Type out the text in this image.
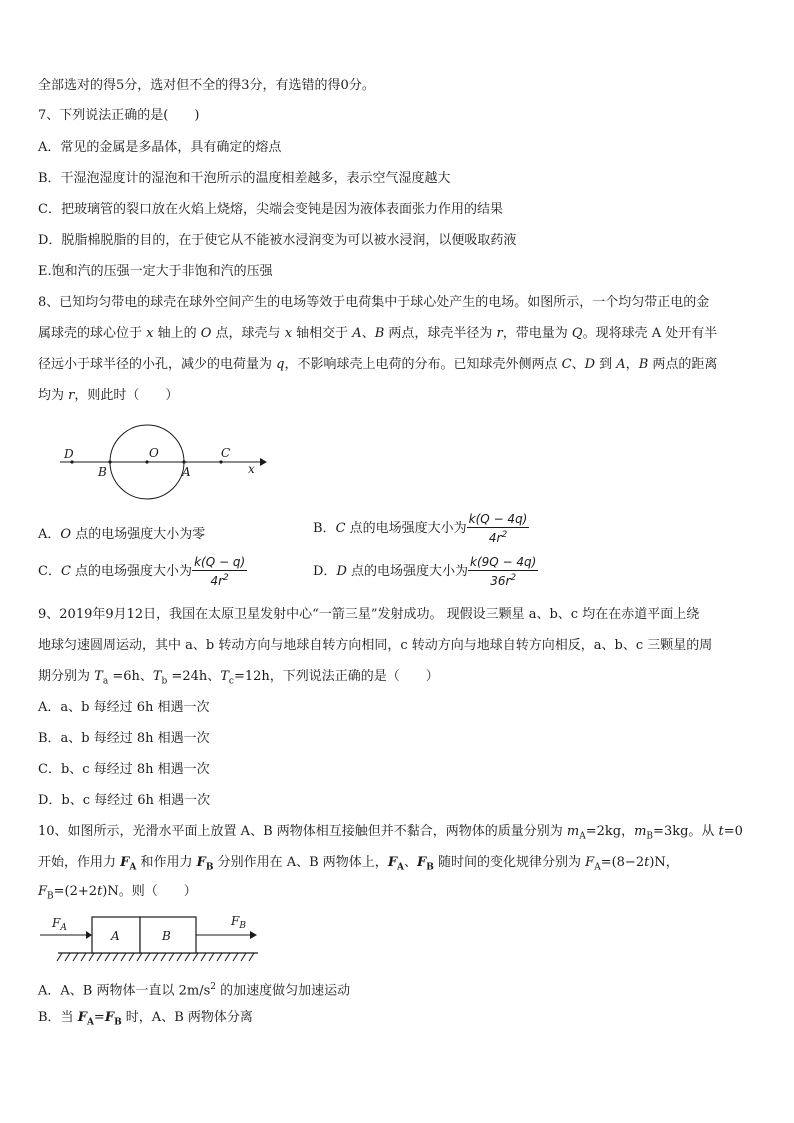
全部选对的得5分，选对但不全的得3分，有选错的得0分。
7、下列说法正确的是(　　)
A．常见的金属是多晶体，具有确定的熔点
B．干湿泡湿度计的湿泡和干泡所示的温度相差越多，表示空气湿度越大
C．把玻璃管的裂口放在火焰上烧熔，尖端会变钝是因为液体表面张力作用的结果
D．脱脂棉脱脂的目的，在于使它从不能被水浸润变为可以被水浸润，以便吸取药液
E.饱和汽的压强一定大于非饱和汽的压强
8、已知均匀带电的球壳在球外空间产生的电场等效于电荷集中于球心处产生的电场。如图所示，一个均匀带正电的金
属球壳的球心位于 x 轴上的 O 点，球壳与 x 轴相交于 A、B 两点，球壳半径为 r，带电量为 Q。现将球壳 A 处开有半
径远小于球半径的小孔，减少的电荷量为 q，不影响球壳上电荷的分布。已知球壳外侧两点 C、D 到 A，B 两点的距离
均为 r，则此时（　　）
D
B
O
A
C
x
A．O 点的电场强度大小为零	B．C 点的电场强度大小为 $\frac{k(Q - 4q)}{4r^2}$
C．C 点的电场强度大小为 $\frac{k(Q - q)}{4r^2}$	D．D 点的电场强度大小为 $\frac{k(9Q - 4q)}{36r^2}$
9、2019年9月12日，我国在太原卫星发射中心“一箭三星”发射成功。 现假设三颗星 a、b、c 均在在赤道平面上绕
地球匀速圆周运动，其中 a、b 转动方向与地球自转方向相同，c 转动方向与地球自转方向相反，a、b、c 三颗星的周
期分别为 $T_a =6h$、$T_b =24h$、$T_c=12h$，下列说法正确的是（　　）
A．a、b 每经过 6h 相遇一次
B．a、b 每经过 8h 相遇一次
C．b、c 每经过 8h 相遇一次
D．b、c 每经过 6h 相遇一次
10、如图所示，光滑水平面上放置 A、B 两物体相互接触但并不黏合，两物体的质量分别为 $m_A=2kg$，$m_B=3kg$。从 t=0
开始，作用力 $F_A$ 和作用力 $F_B$ 分别作用在 A、B 两物体上，$F_A$、$F_B$ 随时间的变化规律分别为 $F_A=(8-2t)N$，
$F_B=(2+2t)N$。则（　　）
A	B
$F_A$	$F_B$
A．A、B 两物体一直以 $2m/s^2$ 的加速度做匀加速运动
B．当 $F_A=F_B$ 时，A、B 两物体分离
